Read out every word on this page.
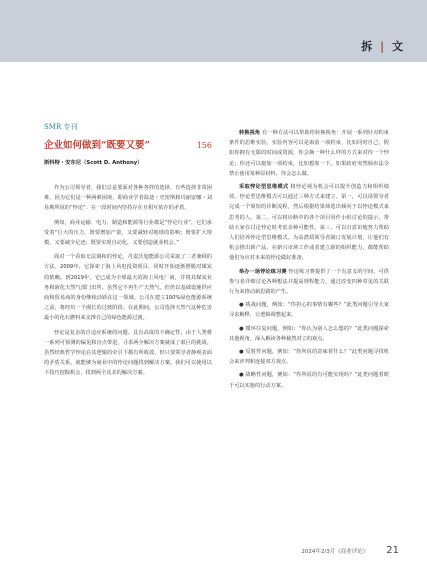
拆 | 文
SMR 专刊
企业如何做到“既要又要”	156

斯科特・安东尼（Scott D. Anthony）

作为公司领导者，我们总是要面对各种各样的选择。有些选择非常困难，因为它们是一种两难困境，即商业学者温迪・史密斯和玛丽安娜・刘易斯所说的“悖论”：在一段时间内坚持存在且相互依存的矛盾。

例如，商业运输、电力、制造和能源等行业都是“悖论行业”，它们承受着“巨大的压力，既要增加产量，又要减轻对地球的影响；既要扩大规模，又要减少足迹；既要实现自动化，又要创造就业机会。”

面对一个看似无法调和的悖论，丹麦沃旭能源公司采取了二者兼顾的方法。2009年，它探索了海上风电投资项目，同时开始逐渐摆脱对煤炭的依赖。到2019年，它已成为全球最大的海上风电厂商，并将其煤炭业务和液化天然气部门出售。虽然它不再生产天然气，但仍以基础设施供应商和贸易商的身份继续活跃在这一领域。公司在建立100%绿色能源系统之前，将经历一个漫长的过渡阶段。在此期间，公司选择天然气这种危害最小的化石燃料来支撑自己的绿色能源过渡。

悖论是复杂的自适应系统的问题。具有高度的不确定性，由于人类将一系列可预测的偏见和盲点带进，寻求两全解决方案就成了艰巨的挑战。虽然经典哲学悖论在其逻辑的牵引下都有所收敛，但只要领导者静观表面的矛盾关系，就能够为商业中的悖论问题找到解决方案。我们可以使用以下技巧挖掘机会，找到两全其美的解决方案。

转换视角 有一种方法可以帮助你转换视角：开展一系列针对约束条件的思维实验。实验内容可以是取消一项约束，比如同时自己，假如你拥有无限的时间或资源，你会换一种什么样的方式来对待一个悖论；你还可以施加一项约束，比如想象一下，如果政府突然颁布法令禁止使用某种原材料，你会怎么做。

采取悖论型思维模式 将悖论视为机会可以提升创造力和组织绩效。悖论型思维模式可以通过三种方式来建立。第一，可以请领导者完成一个简短的诊断流程，然后根据结果筛选出倾向于以悖论模式来思考的人。第二，可以将诊断中的各个项目用作小组讨论的提示，帮助大家在讨论悖论时考虑多种可能性。第三，可以有意识地努力帮助人们培养悖论型思维模式。为高潜质领导者制订发展计划，让他们有机会推出新产品、在新兴市场工作或者建立新的组织能力，都能帮助他们为应对未来的悖论做好准备。

举办一场悖论练习赛 悖论练习赛提供了一个有意义的空间，可供参与者详细讨论各种想法并提高规程能力，通过改变四种常见的关联行为来推动新思路的产生。

● 挑战问题，例如：“你担心的事情有哪些？”此类问题引导大家寻求解释，让逻辑调整起来。

● 循环往复问题，例如：“你认为别人怎么想的？”此类问题探索其他视角，深入解读各种截然对立的观点。

● 反射性问题，例如：“你所说的意味着什么？”此类问题寻找机会来评判和连接双方观点。

● 战略性问题，例如：“你所说的有可能实现吗？”此类问题着眼于可以实施的行动方案。

2024年2/3月《商业评论》 21
